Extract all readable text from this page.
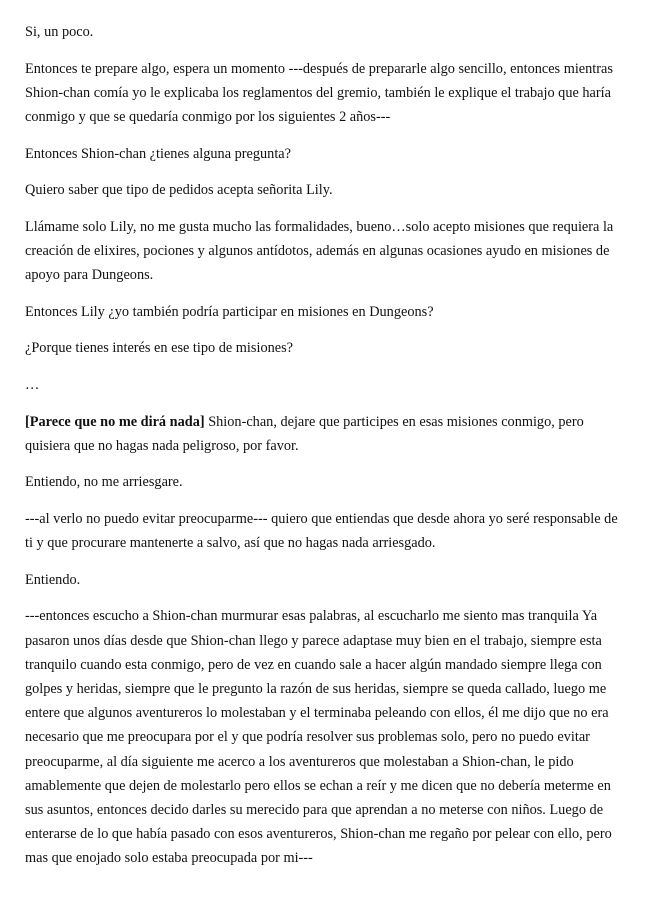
Si, un poco.

Entonces te prepare algo, espera un momento ---después de prepararle algo sencillo, entonces mientras Shion-chan comía yo le explicaba los reglamentos del gremio, también le explique el trabajo que haría conmigo y que se quedaría conmigo por los siguientes 2 años---

Entonces Shion-chan ¿tienes alguna pregunta?

Quiero saber que tipo de pedidos acepta señorita Lily.

Llámame solo Lily, no me gusta mucho las formalidades, bueno…solo acepto misiones que requiera la creación de elixires, pociones y algunos antídotos, además en algunas ocasiones ayudo en misiones de apoyo para Dungeons.

Entonces Lily ¿yo también podría participar en misiones en Dungeons?

¿Porque tienes interés en ese tipo de misiones?

…

[Parece que no me dirá nada] Shion-chan, dejare que participes en esas misiones conmigo, pero quisiera que no hagas nada peligroso, por favor.

Entiendo, no me arriesgare.

---al verlo no puedo evitar preocuparme--- quiero que entiendas que desde ahora yo seré responsable de ti y que procurare mantenerte a salvo, así que no hagas nada arriesgado.

Entiendo.

---entonces escucho a Shion-chan murmurar esas palabras, al escucharlo me siento mas tranquila Ya pasaron unos días desde que Shion-chan llego y parece adaptase muy bien en el trabajo, siempre esta tranquilo cuando esta conmigo, pero de vez en cuando sale a hacer algún mandado siempre llega con golpes y heridas, siempre que le pregunto la razón de sus heridas, siempre se queda callado, luego me entere que algunos aventureros lo molestaban y el terminaba peleando con ellos, él me dijo que no era necesario que me preocupara por el y que podría resolver sus problemas solo, pero no puedo evitar preocuparme, al día siguiente me acerco a los aventureros que molestaban a Shion-chan, le pido amablemente que dejen de molestarlo pero ellos se echan a reír y me dicen que no debería meterme en sus asuntos, entonces decido darles su merecido para que aprendan a no meterse con niños. Luego de enterarse de lo que había pasado con esos aventureros, Shion-chan me regaño por pelear con ello, pero mas que enojado solo estaba preocupada por mi---
